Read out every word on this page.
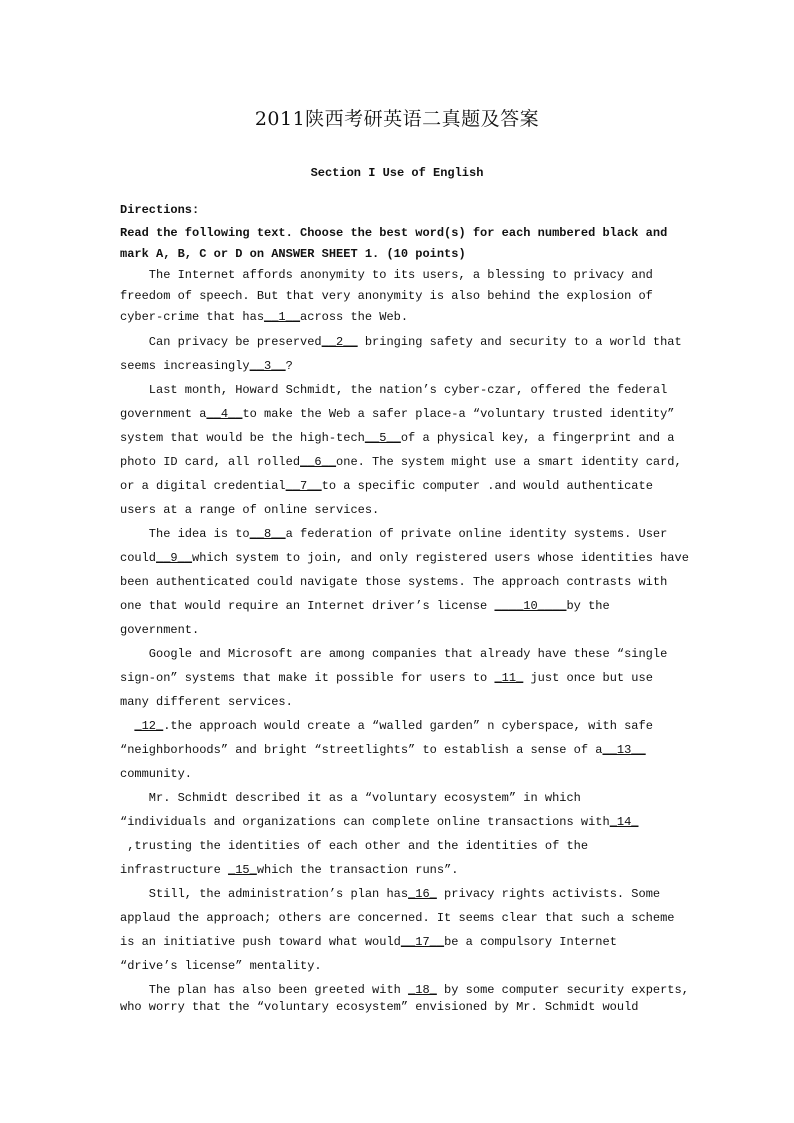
2011陕西考研英语二真题及答案
Section I Use of English
Directions:
Read the following text. Choose the best word(s) for each numbered black and
mark A, B, C or D on ANSWER SHEET 1. (10 points)
The Internet affords anonymity to its users, a blessing to privacy and
freedom of speech. But that very anonymity is also behind the explosion of
cyber-crime that has__1__across the Web.
Can privacy be preserved__2__ bringing safety and security to a world that
seems increasingly__3__?
Last month, Howard Schmidt, the nation’s cyber-czar, offered the federal
government a__4__to make the Web a safer place-a “voluntary trusted identity”
system that would be the high-tech__5__of a physical key, a fingerprint and a
photo ID card, all rolled__6__one. The system might use a smart identity card,
or a digital credential__7__to a specific computer .and would authenticate
users at a range of online services.
The idea is to__8__a federation of private online identity systems. User
could__9__which system to join, and only registered users whose identities have
been authenticated could navigate those systems. The approach contrasts with
one that would require an Internet driver’s license ____10____by the
government.
Google and Microsoft are among companies that already have these “single
sign-on” systems that make it possible for users to _11_ just once but use
many different services.
_12_.the approach would create a “walled garden” n cyberspace, with safe
“neighborhoods” and bright “streetlights” to establish a sense of a__13__
community.
Mr. Schmidt described it as a “voluntary ecosystem” in which
“individuals and organizations can complete online transactions with_14_
,trusting the identities of each other and the identities of the
infrastructure _15_which the transaction runs”.
Still, the administration’s plan has_16_ privacy rights activists. Some
applaud the approach; others are concerned. It seems clear that such a scheme
is an initiative push toward what would__17__be a compulsory Internet
“drive’s license” mentality.
The plan has also been greeted with _18_ by some computer security experts,
who worry that the “voluntary ecosystem” envisioned by Mr. Schmidt would
